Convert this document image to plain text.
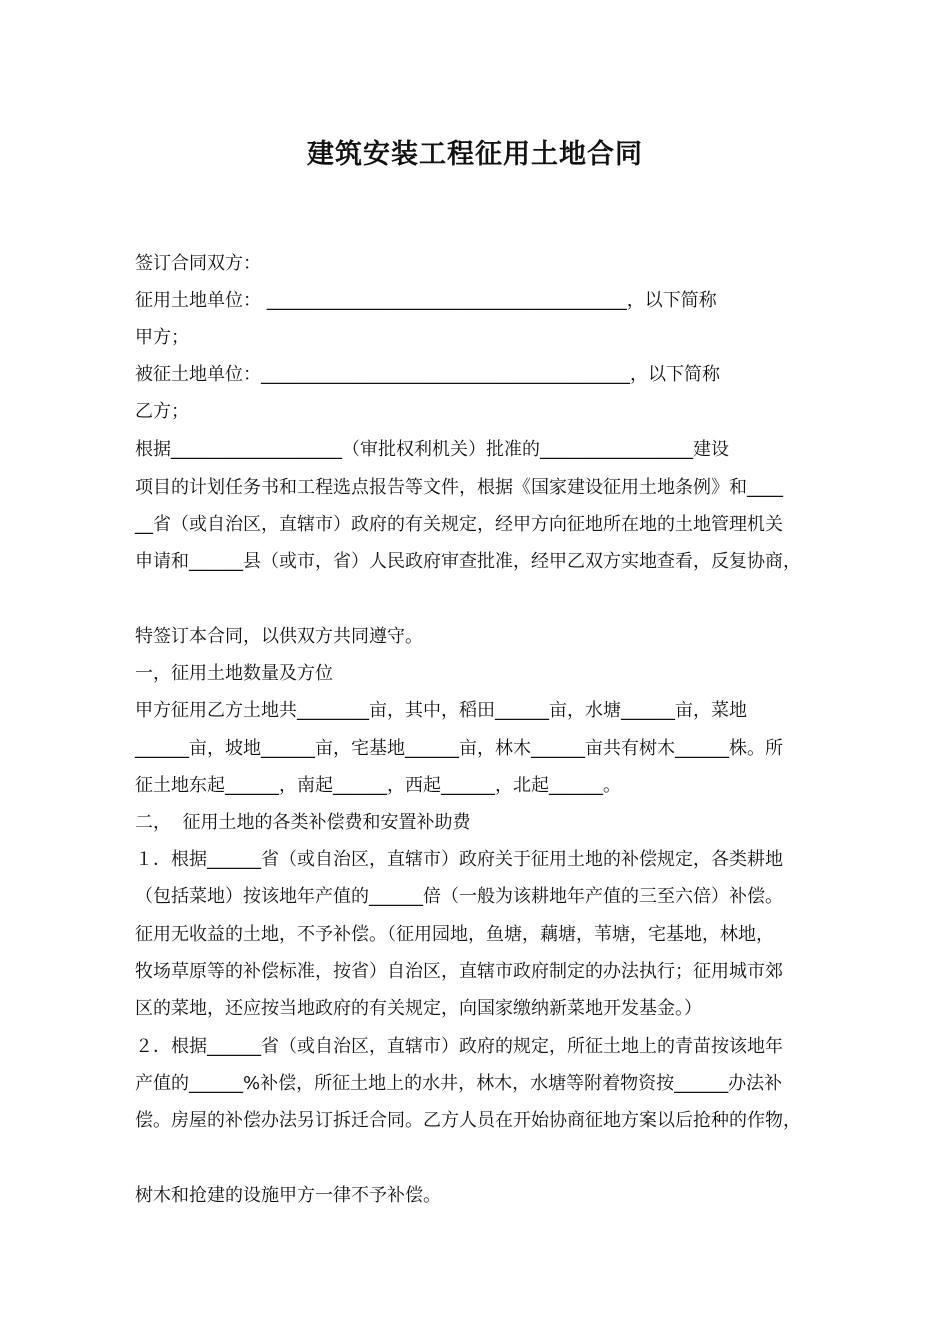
建筑安装工程征用土地合同

签订合同双方：

征用土地单位： ________________________________________，以下简称

甲方；

被征土地单位：_________________________________________，以下简称

乙方；

根据___________________（审批权利机关）批准的_________________建设

项目的计划任务书和工程选点报告等文件，根据《国家建设征用土地条例》和____

__省（或自治区，直辖市）政府的有关规定，经甲方向征地所在地的土地管理机关

申请和______县（或市，省）人民政府审查批准，经甲乙双方实地查看，反复协商，

特签订本合同，以供双方共同遵守。

一，征用土地数量及方位

甲方征用乙方土地共________亩，其中，稻田______亩，水塘______亩，菜地

______亩，坡地______亩，宅基地______亩，林木______亩共有树木______株。所

征土地东起______，南起______，西起______，北起______。

二，  征用土地的各类补偿费和安置补助费

１．根据______省（或自治区，直辖市）政府关于征用土地的补偿规定，各类耕地

（包括菜地）按该地年产值的______倍（一般为该耕地年产值的三至六倍）补偿。

征用无收益的土地，不予补偿。（征用园地，鱼塘，藕塘，苇塘，宅基地，林地，

牧场草原等的补偿标准，按省）自治区，直辖市政府制定的办法执行；征用城市郊

区的菜地，还应按当地政府的有关规定，向国家缴纳新菜地开发基金。）

２．根据______省（或自治区，直辖市）政府的规定，所征土地上的青苗按该地年

产值的______%补偿，所征土地上的水井，林木，水塘等附着物资按______办法补

偿。房屋的补偿办法另订拆迁合同。乙方人员在开始协商征地方案以后抢种的作物，

树木和抢建的设施甲方一律不予补偿。
